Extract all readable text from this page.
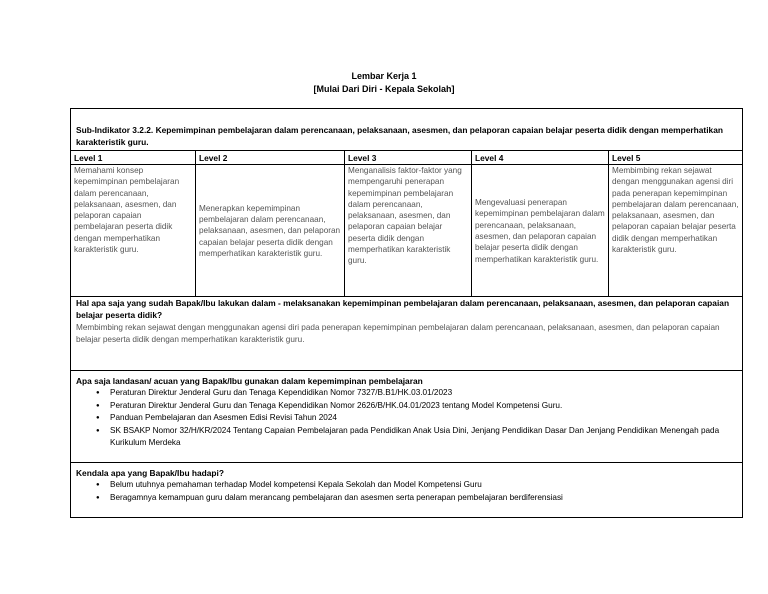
Lembar Kerja 1
[Mulai Dari Diri - Kepala Sekolah]
Sub-Indikator 3.2.2. Kepemimpinan pembelajaran dalam perencanaan, pelaksanaan, asesmen, dan pelaporan capaian belajar peserta didik dengan memperhatikan karakteristik guru.
Level 1
Memahami konsep kepemimpinan pembelajaran dalam perencanaan, pelaksanaan, asesmen, dan pelaporan capaian pembelajaran peserta didik dengan memperhatikan karakteristik guru.
Level 2
Menerapkan kepemimpinan pembelajaran dalam perencanaan, pelaksanaan, asesmen, dan pelaporan capaian belajar peserta didik dengan memperhatikan karakteristik guru.
Level 3
Menganalisis faktor-faktor yang mempengaruhi penerapan kepemimpinan pembelajaran dalam perencanaan, pelaksanaan, asesmen, dan pelaporan capaian belajar peserta didik dengan memperhatikan karakteristik guru.
Level 4
Mengevaluasi penerapan kepemimpinan pembelajaran dalam perencanaan, pelaksanaan, asesmen, dan pelaporan capaian belajar peserta didik dengan memperhatikan karakteristik guru.
Level 5
Membimbing rekan sejawat dengan menggunakan agensi diri pada penerapan kepemimpinan pembelajaran dalam perencanaan, pelaksanaan, asesmen, dan pelaporan capaian belajar peserta didik dengan memperhatikan karakteristik guru.
Hal apa saja yang sudah Bapak/Ibu lakukan dalam - melaksanakan kepemimpinan pembelajaran dalam perencanaan, pelaksanaan, asesmen, dan pelaporan capaian belajar peserta didik?
Membimbing rekan sejawat dengan menggunakan agensi diri pada penerapan kepemimpinan pembelajaran dalam perencanaan, pelaksanaan, asesmen, dan pelaporan capaian belajar peserta didik dengan memperhatikan karakteristik guru.
Apa saja landasan/ acuan yang Bapak/Ibu gunakan dalam kepemimpinan pembelajaran
● Peraturan Direktur Jenderal Guru dan Tenaga Kependidikan Nomor 7327/B.B1/HK.03.01/2023
● Peraturan Direktur Jenderal Guru dan Tenaga Kependidikan Nomor 2626/B/HK.04.01/2023 tentang Model Kompetensi Guru.
● Panduan Pembelajaran dan Asesmen Edisi Revisi Tahun 2024
● SK BSAKP Nomor 32/H/KR/2024 Tentang Capaian Pembelajaran pada Pendidikan Anak Usia Dini, Jenjang Pendidikan Dasar Dan Jenjang Pendidikan Menengah pada Kurikulum Merdeka
Kendala apa yang Bapak/Ibu hadapi?
● Belum utuhnya pemahaman terhadap Model kompetensi Kepala Sekolah dan Model Kompetensi Guru
● Beragamnya kemampuan guru dalam merancang pembelajaran dan asesmen serta penerapan pembelajaran berdiferensiasi
